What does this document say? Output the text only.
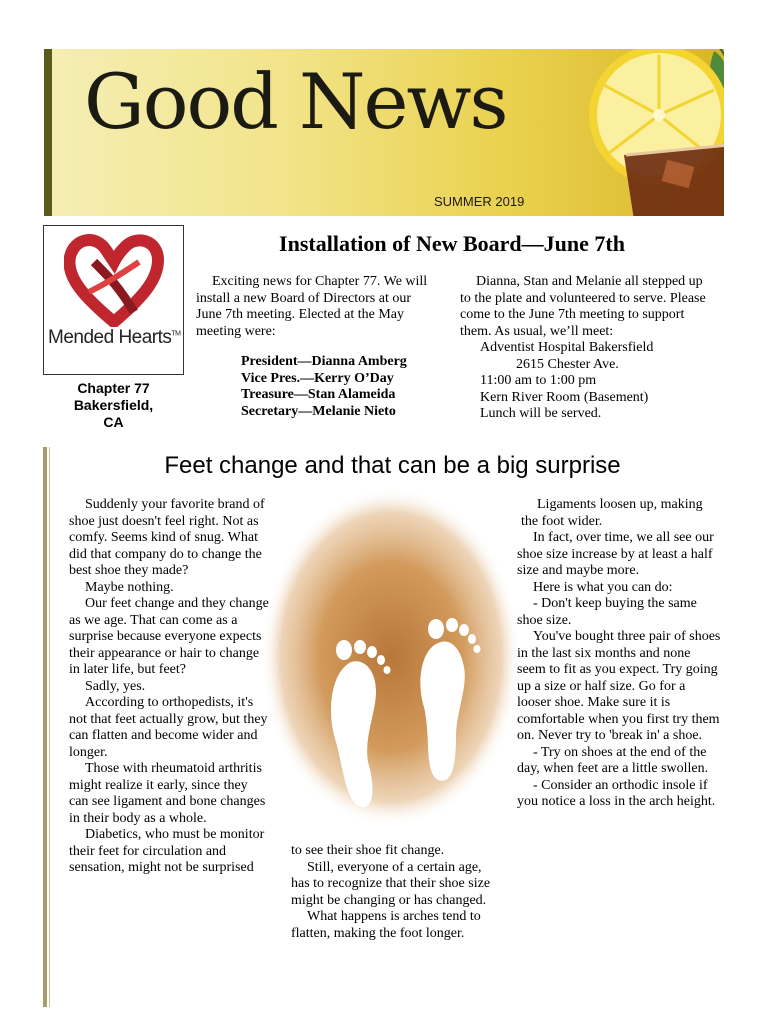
Good News
SUMMER 2019
Mended Hearts™
Chapter 77
Bakersfield,
CA
Installation of New Board—June 7th

Exciting news for Chapter 77. We will install a new Board of Directors at our June 7th meeting. Elected at the May meeting were:

President—Dianna Amberg
Vice Pres.—Kerry O’Day
Treasure—Stan Alameida
Secretary—Melanie Nieto

Dianna, Stan and Melanie all stepped up to the plate and volunteered to serve. Please come to the June 7th meeting to support them. As usual, we’ll meet:

Adventist Hospital Bakersfield
2615 Chester Ave.
11:00 am to 1:00 pm
Kern River Room (Basement)
Lunch will be served.
Feet change and that can be a big surprise

Suddenly your favorite brand of shoe just doesn't feel right. Not as comfy. Seems kind of snug. What did that company do to change the best shoe they made?

Maybe nothing.

Our feet change and they change as we age. That can come as a surprise because everyone expects their appearance or hair to change in later life, but feet?

Sadly, yes.

According to orthopedists, it's not that feet actually grow, but they can flatten and become wider and longer.

Those with rheumatoid arthritis might realize it early, since they can see ligament and bone changes in their body as a whole.

Diabetics, who must be monitor their feet for circulation and sensation, might not be surprised

to see their shoe fit change.

Still, everyone of a certain age, has to recognize that their shoe size might be changing or has changed.

What happens is arches tend to flatten, making the foot longer.

Ligaments loosen up, making the foot wider.

In fact, over time, we all see our shoe size increase by at least a half size and maybe more.

Here is what you can do:

- Don't keep buying the same shoe size.

You've bought three pair of shoes in the last six months and none seem to fit as you expect. Try going up a size or half size. Go for a looser shoe. Make sure it is comfortable when you first try them on. Never try to 'break in' a shoe.

- Try on shoes at the end of the day, when feet are a little swollen.

- Consider an orthodic insole if you notice a loss in the arch height.
